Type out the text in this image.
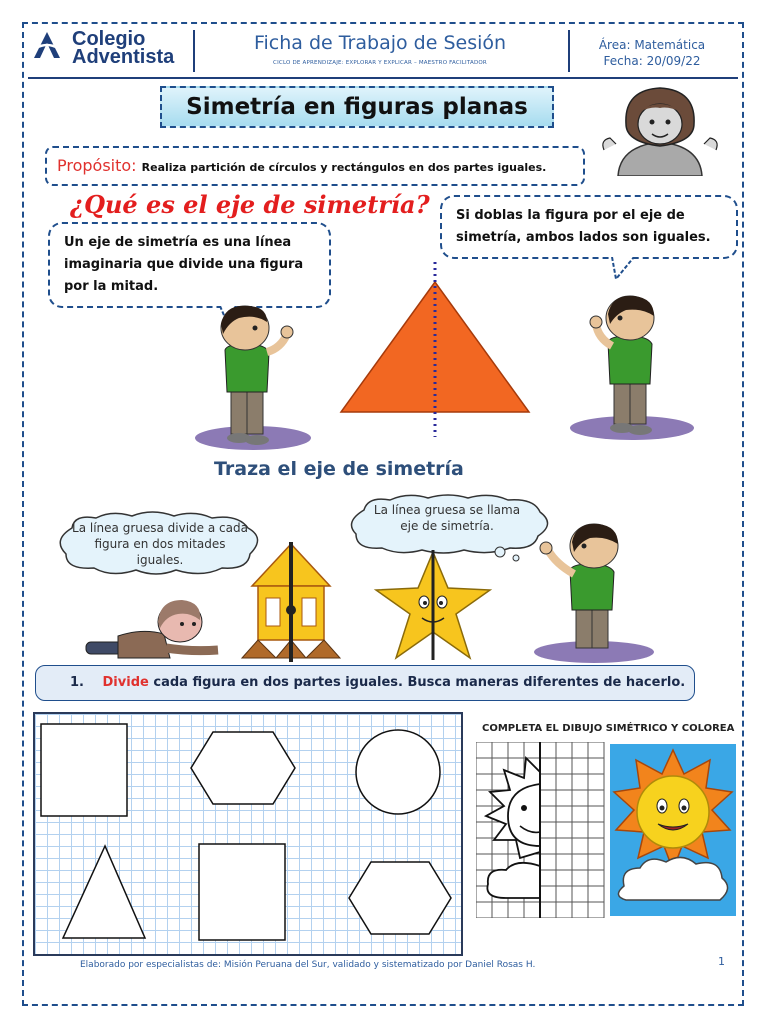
Colegio
Adventista
Ficha de Trabajo de Sesión
CICLO DE APRENDIZAJE: EXPLORAR Y EXPLICAR – MAESTRO FACILITADOR
Área: Matemática
Fecha: 20/09/22
Simetría en figuras planas
Propósito: Realiza partición de círculos y rectángulos en dos partes iguales.
¿Qué es el eje de simetría?
Un eje de simetría es una línea imaginaria que divide una figura por la mitad.
Si doblas la figura por el eje de simetría, ambos lados son iguales.
Traza el eje de simetría
La línea gruesa divide a cada figura en dos mitades iguales.
La línea gruesa se llama eje de simetría.
1. Divide cada figura en dos partes iguales. Busca maneras diferentes de hacerlo.
COMPLETA EL DIBUJO SIMÉTRICO Y COLOREA
Elaborado por especialistas de: Misión Peruana del Sur, validado y sistematizado por Daniel Rosas H.	1
